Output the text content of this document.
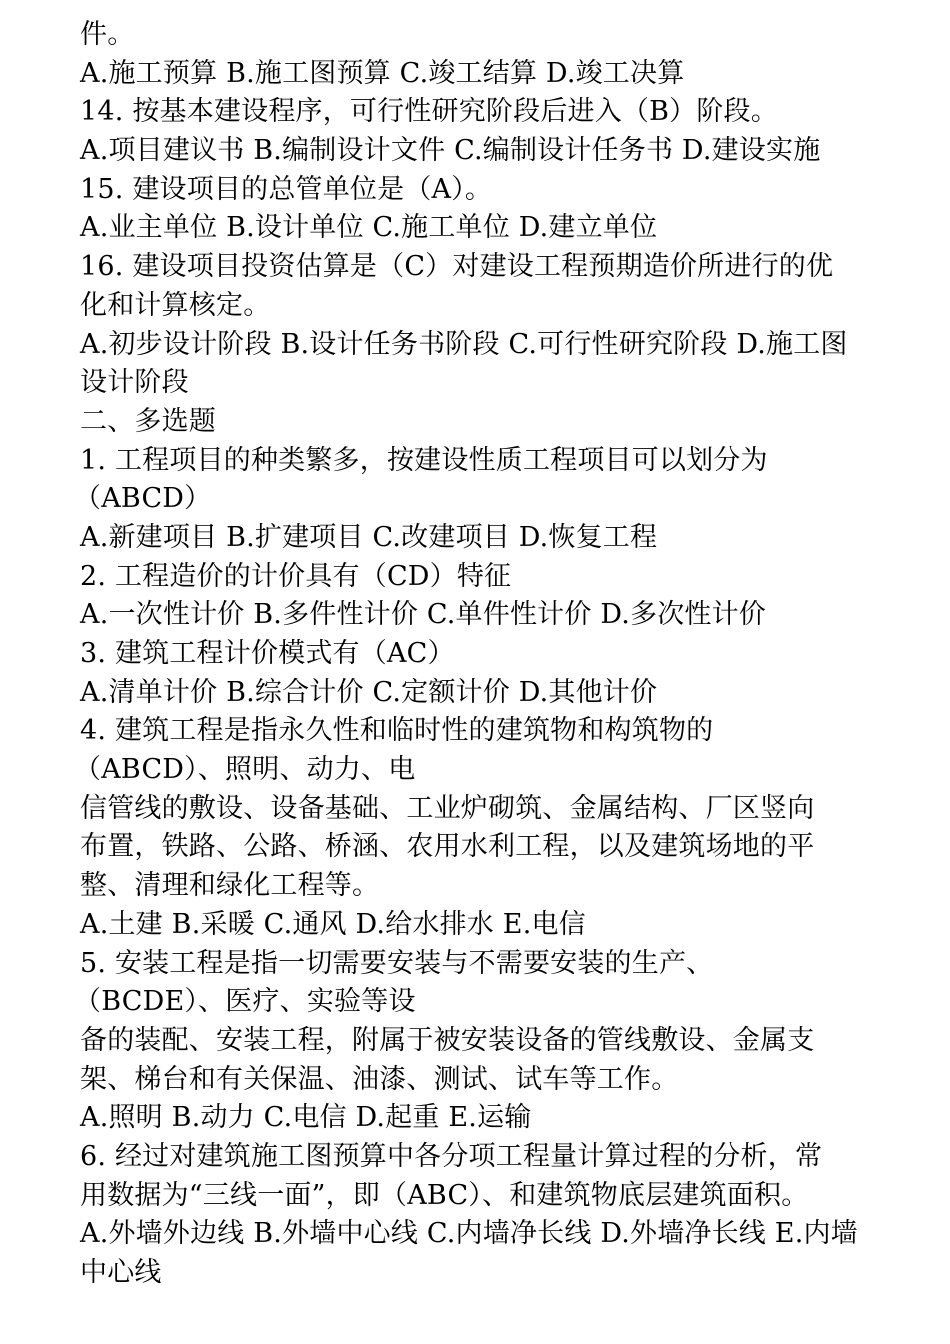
件。
A.施工预算 B.施工图预算 C.竣工结算 D.竣工决算
14. 按基本建设程序，可行性研究阶段后进入（B）阶段。
A.项目建议书 B.编制设计文件 C.编制设计任务书 D.建设实施
15. 建设项目的总管单位是（A）。
A.业主单位 B.设计单位 C.施工单位 D.建立单位
16. 建设项目投资估算是（C）对建设工程预期造价所进行的优
化和计算核定。
A.初步设计阶段 B.设计任务书阶段 C.可行性研究阶段 D.施工图
设计阶段
二、多选题
1. 工程项目的种类繁多，按建设性质工程项目可以划分为
（ABCD）
A.新建项目 B.扩建项目 C.改建项目 D.恢复工程
2. 工程造价的计价具有（CD）特征
A.一次性计价 B.多件性计价 C.单件性计价 D.多次性计价
3. 建筑工程计价模式有（AC）
A.清单计价 B.综合计价 C.定额计价 D.其他计价
4. 建筑工程是指永久性和临时性的建筑物和构筑物的
（ABCD）、照明、动力、电
信管线的敷设、设备基础、工业炉砌筑、金属结构、厂区竖向
布置，铁路、公路、桥涵、农用水利工程，以及建筑场地的平
整、清理和绿化工程等。
A.土建 B.采暖 C.通风 D.给水排水 E.电信
5. 安装工程是指一切需要安装与不需要安装的生产、
（BCDE）、医疗、实验等设
备的装配、安装工程，附属于被安装设备的管线敷设、金属支
架、梯台和有关保温、油漆、测试、试车等工作。
A.照明 B.动力 C.电信 D.起重 E.运输
6. 经过对建筑施工图预算中各分项工程量计算过程的分析，常
用数据为“三线一面”，即（ABC）、和建筑物底层建筑面积。
A.外墙外边线 B.外墙中心线 C.内墙净长线 D.外墙净长线 E.内墙
中心线
